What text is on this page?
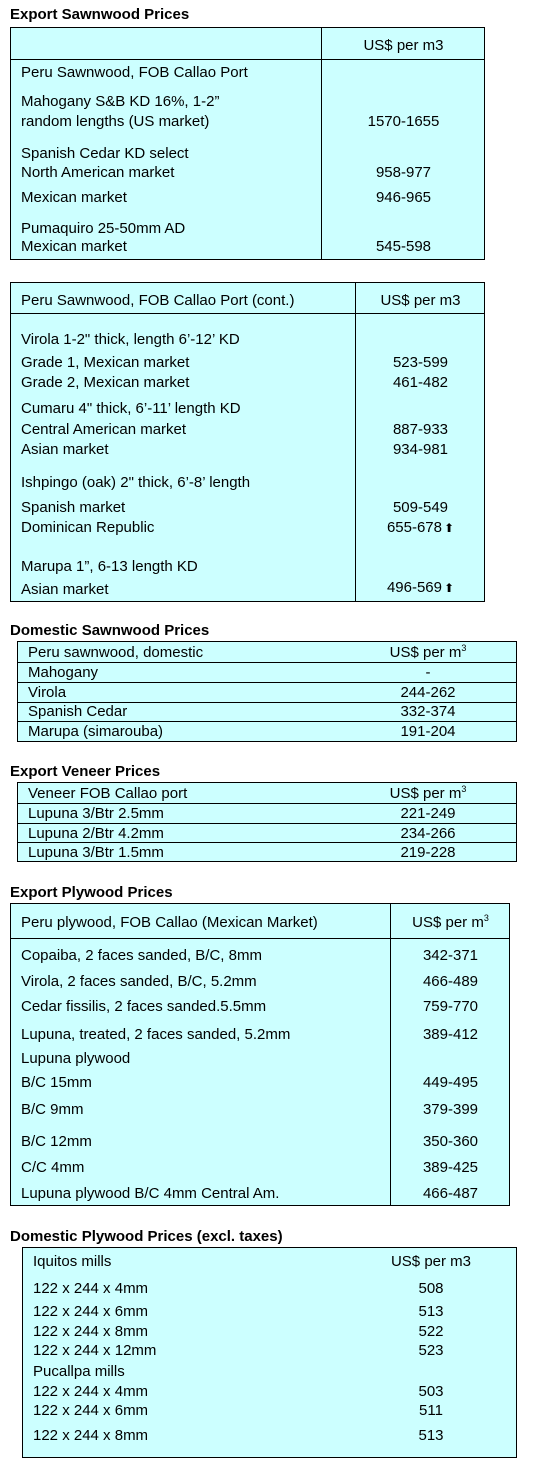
Export Sawnwood Prices
US$ per m3
Peru Sawnwood, FOB Callao Port
Mahogany S&B KD 16%, 1-2”
random lengths (US market)	1570-1655
Spanish Cedar KD select
North American market	958-977
Mexican market	946-965
Pumaquiro 25-50mm AD
Mexican market	545-598
Peru Sawnwood, FOB Callao Port (cont.)	US$ per m3
Virola 1-2" thick, length 6’-12’ KD
Grade 1, Mexican market	523-599
Grade 2, Mexican market	461-482
Cumaru 4" thick, 6’-11’ length KD
Central American market	887-933
Asian market	934-981
Ishpingo (oak) 2" thick, 6’-8’ length
Spanish market	509-549
Dominican Republic	655-678 ⬆
Marupa 1”, 6-13 length KD
Asian market	496-569 ⬆
Domestic Sawnwood Prices
Peru sawnwood, domestic	US$ per $m^3$
Mahogany	-
Virola	244-262
Spanish Cedar	332-374
Marupa (simarouba)	191-204
Export Veneer Prices
Veneer FOB Callao port	US$ per $m^3$
Lupuna 3/Btr 2.5mm	221-249
Lupuna 2/Btr 4.2mm	234-266
Lupuna 3/Btr 1.5mm	219-228
Export Plywood Prices
Peru plywood, FOB Callao (Mexican Market)	US$ per $m^3$
Copaiba, 2 faces sanded, B/C, 8mm	342-371
Virola, 2 faces sanded, B/C, 5.2mm	466-489
Cedar fissilis, 2 faces sanded.5.5mm	759-770
Lupuna, treated, 2 faces sanded, 5.2mm	389-412
Lupuna plywood
B/C 15mm	449-495
B/C 9mm	379-399
B/C 12mm	350-360
C/C 4mm	389-425
Lupuna plywood B/C 4mm Central Am.	466-487
Domestic Plywood Prices (excl. taxes)
Iquitos mills	US$ per m3
122 x 244 x 4mm	508
122 x 244 x 6mm	513
122 x 244 x 8mm	522
122 x 244 x 12mm	523
Pucallpa mills
122 x 244 x 4mm	503
122 x 244 x 6mm	511
122 x 244 x 8mm	513
